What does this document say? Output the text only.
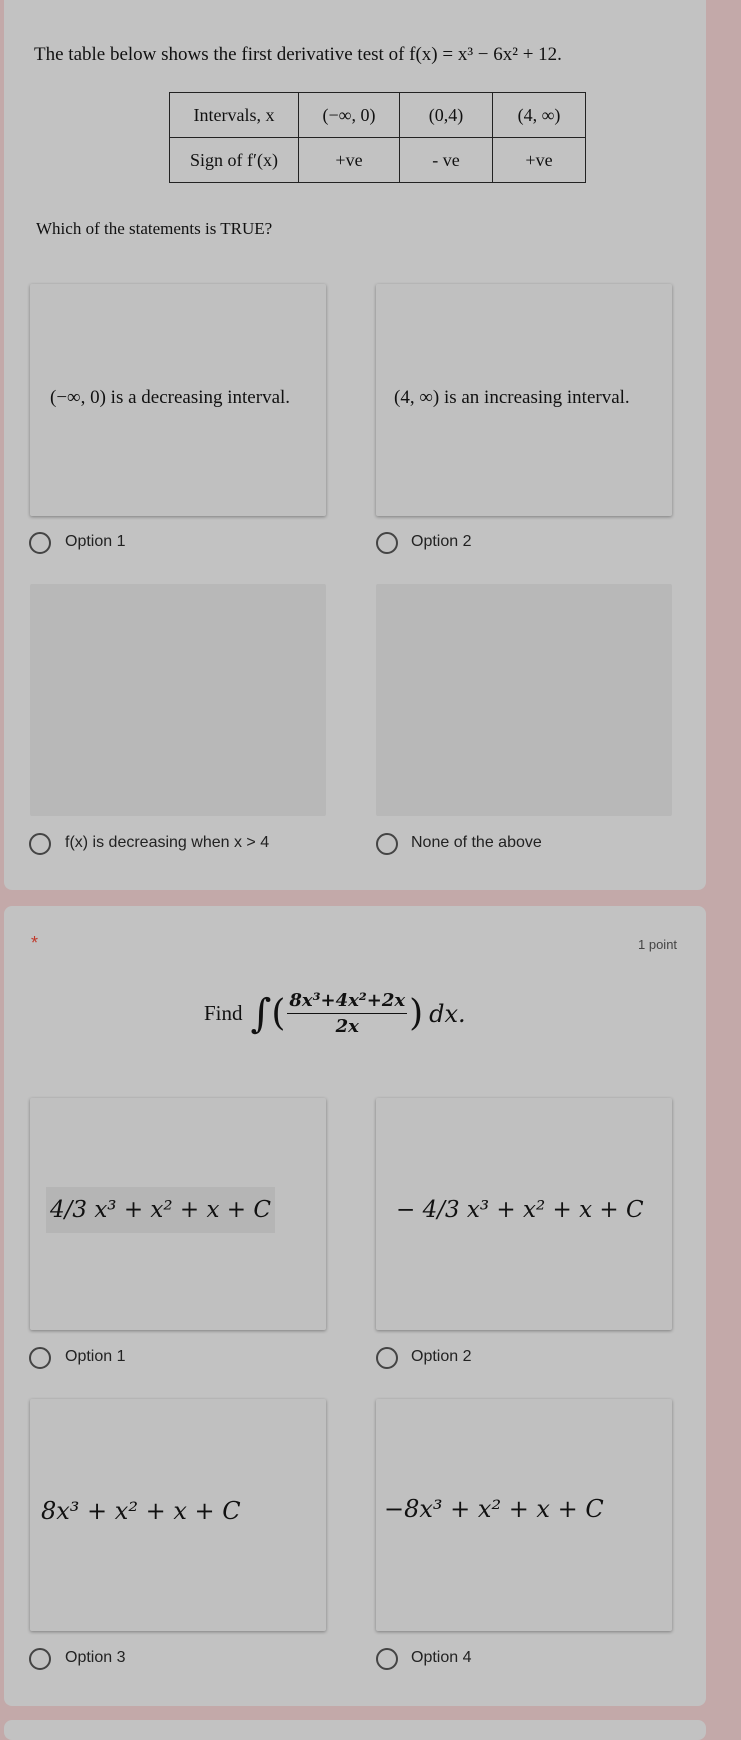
The table below shows the first derivative test of f(x) = x³ − 6x² + 12.
Intervals, x	(−∞, 0)	(0,4)	(4, ∞)
Sign of f′(x)	+ve	- ve	+ve
Which of the statements is TRUE?
(−∞, 0) is a decreasing interval.	(4, ∞) is an increasing interval.
Option 1	Option 2
f(x) is decreasing when x > 4	None of the above
*	1 point
Find ∫ ( $\frac{\text{8x³+4x²+2x}}{2x}$ ) dx.
4/3 x³ + x² + x + C	− 4/3 x³ + x² + x + C
Option 1	Option 2
8x³ + x² + x + C	−8x³ + x² + x + C
Option 3	Option 4
